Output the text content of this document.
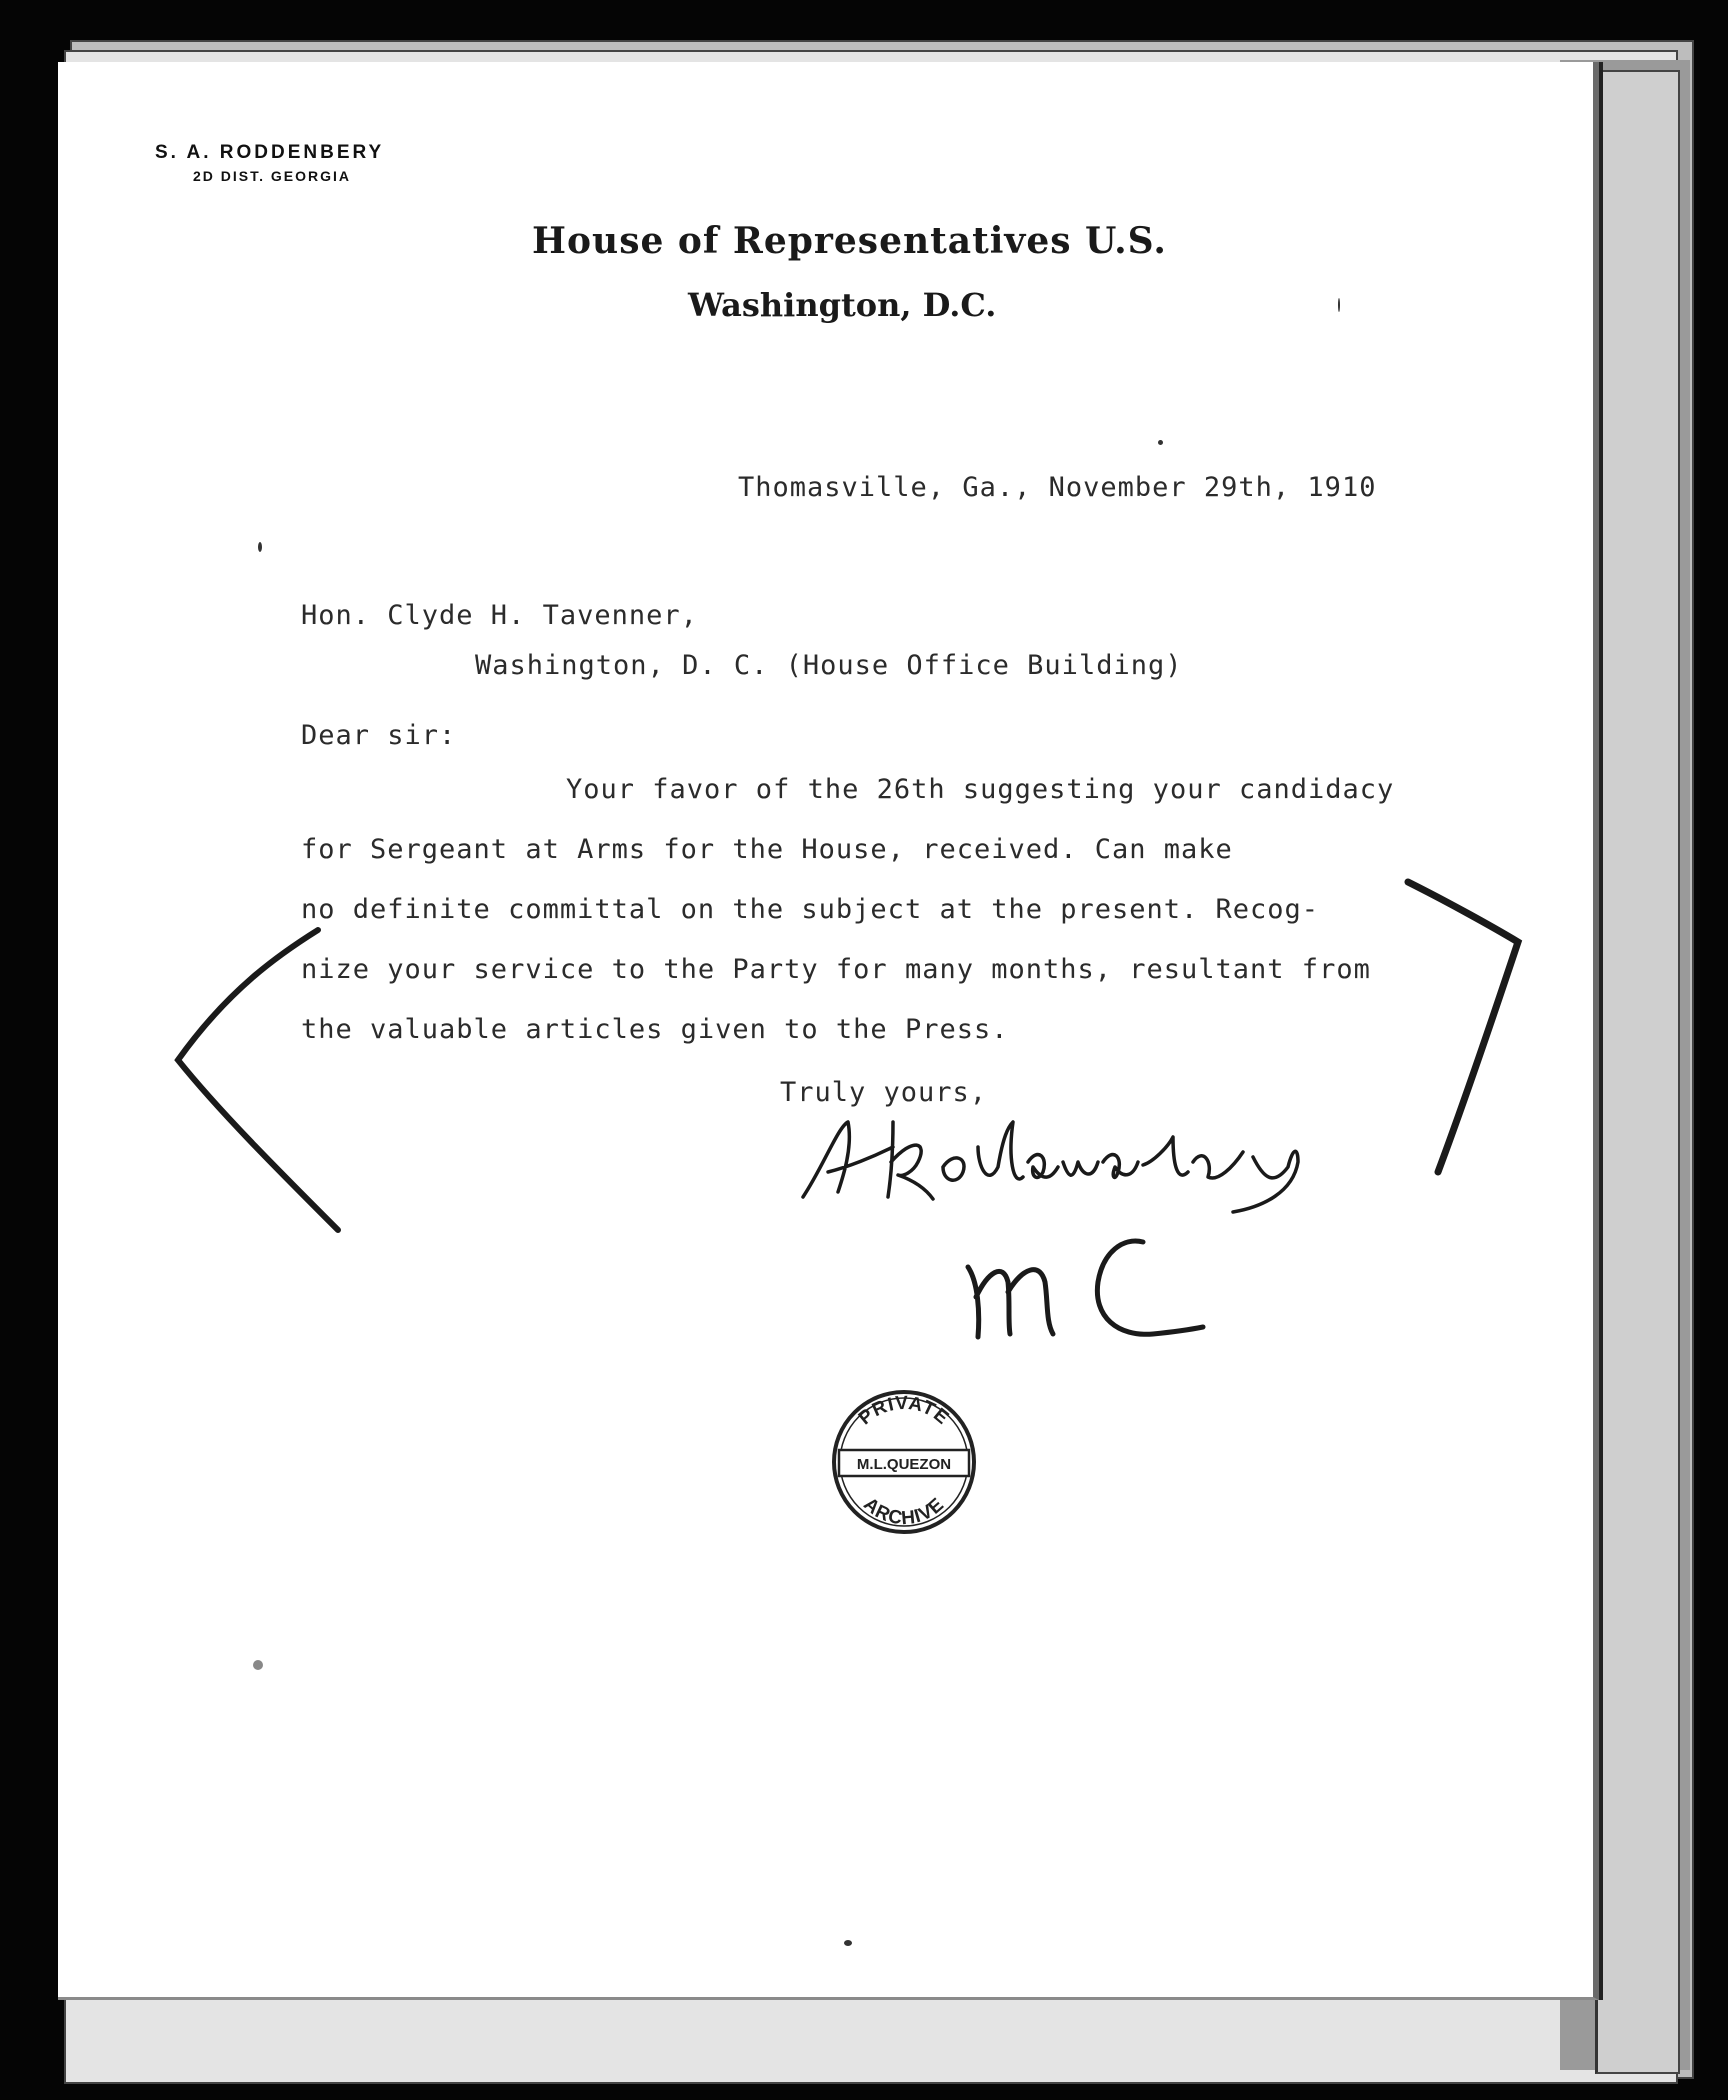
S. A. RODDENBERY
2D DIST. GEORGIA
House of Representatives U.S.
Washington, D.C.
Thomasville, Ga., November 29th, 1910
Hon. Clyde H. Tavenner,
Washington, D. C. (House Office Building)
Dear sir:
Your favor of the 26th suggesting your candidacy
for Sergeant at Arms for the House, received. Can make
no definite committal on the subject at the present. Recog-
nize your service to the Party for many months, resultant from
the valuable articles given to the Press.
Truly yours,
PRIVATE
M.L.QUEZON
ARCHIVE
